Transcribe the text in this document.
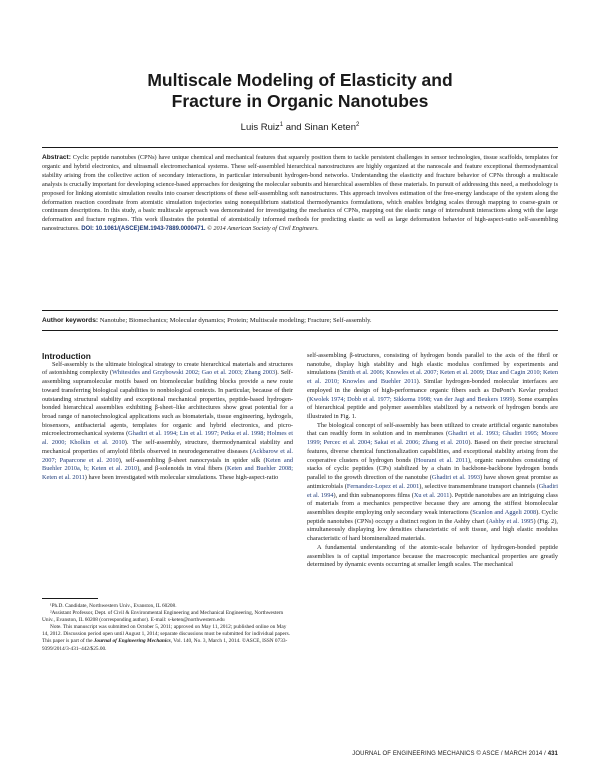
Multiscale Modeling of Elasticity and
Fracture in Organic Nanotubes
Luis Ruiz$^1$ and Sinan Keten$^2$

Abstract: Cyclic peptide nanotubes (CPNs) have unique chemical and mechanical features that squarely position them to tackle persistent challenges in sensor technologies, tissue scaffolds, templates for organic and hybrid electronics, and ultrasmall electromechanical systems. These self-assembled hierarchical nanostructures are highly organized at the nanoscale and feature exceptional thermodynamical stability arising from the collective action of secondary interactions, in particular intersubunit hydrogen-bond networks. Understanding the elasticity and fracture behavior of CPNs through a multiscale analysis is crucially important for developing science-based approaches for designing the molecular subunits and hierarchical assemblies of these materials. In pursuit of addressing this need, a methodology is proposed for linking atomistic simulation results into coarser descriptions of these self-assembling soft nanostructures. This approach involves estimation of the free-energy landscape of the system along the deformation reaction coordinate from atomistic simulation trajectories using nonequilibrium statistical thermodynamics formulations, which enables bridging scales through mapping to coarse-grain or continuum descriptions. In this study, a basic multiscale approach was demonstrated for investigating the mechanics of CPNs, mapping out the elastic range of intersubunit interactions along with the large deformation and fracture regimes. This work illustrates the potential of atomistically informed methods for predicting elastic as well as large deformation behavior of high-aspect-ratio self-assembling nanostructures. DOI: 10.1061/(ASCE)EM.1943-7889.0000471. © 2014 American Society of Civil Engineers.

Author keywords: Nanotube; Biomechanics; Molecular dynamics; Protein; Multiscale modeling; Fracture; Self-assembly.

Introduction

Self-assembly is the ultimate biological strategy to create hierarchical materials and structures of astonishing complexity (Whitesides and Grzybowski 2002; Gao et al. 2003; Zhang 2003). Self-assembling supramolecular motifs based on biomolecular building blocks provide a new route toward transferring biological capabilities to nonbiological contexts. In particular, because of their outstanding structural stability and exceptional mechanical properties, peptide-based hydrogen-bonded hierarchical assemblies exhibiting β-sheet–like architectures show great potential for a broad range of nanotechnological applications such as biomaterials, tissue engineering, hydrogels, biosensors, antibacterial agents, templates for organic and hybrid electronics, and picro-microelectromechanical systems (Ghadiri et al. 1994; Lin et al. 1997; Petka et al. 1998; Holmes et al. 2000; Kholkin et al. 2010). The self-assembly, structure, thermodynamical stability and mechanical properties of amyloid fibrils observed in neurodegenerative diseases (Ackbarow et al. 2007; Paparcone et al. 2010), self-assembling β-sheet nanocrystals in spider silk (Keten and Buehler 2010a, b; Keten et al. 2010), and β-solenoids in viral fibers (Keten and Buehler 2008; Keten et al. 2011) have been investigated with molecular simulations. These high-aspect-ratio

¹Ph.D. Candidate, Northwestern Univ., Evanston, IL 60208.

²Assistant Professor, Dept. of Civil & Environmental Engineering and Mechanical Engineering, Northwestern Univ., Evanston, IL 60208 (corresponding author). E-mail: s-keten@northwestern.edu

Note. This manuscript was submitted on October 5, 2011; approved on May 11, 2012; published online on May 14, 2012. Discussion period open until August 1, 2014; separate discussions must be submitted for individual papers. This paper is part of the Journal of Engineering Mechanics, Vol. 140, No. 3, March 1, 2014. ©ASCE, ISSN 0733-9399/2014/3-431–442/$25.00.

self-assembling β-structures, consisting of hydrogen bonds parallel to the axis of the fibril or nanotube, display high stability and high elastic modulus confirmed by experiments and simulations (Smith et al. 2006; Knowles et al. 2007; Keten et al. 2009; Diaz and Cagin 2010; Keten et al. 2010; Knowles and Buehler 2011). Similar hydrogen-bonded molecular interfaces are employed in the design of high-performance organic fibers such as DuPont’s Kevlar product (Kwolek 1974; Dobb et al. 1977; Sikkema 1998; van der Jagt and Beukers 1999). Some examples of hierarchical peptide and polymer assemblies stabilized by a network of hydrogen bonds are illustrated in Fig. 1.

The biological concept of self-assembly has been utilized to create artificial organic nanotubes that can readily form in solution and in membranes (Ghadiri et al. 1993; Ghadiri 1995; Moore 1999; Percec et al. 2004; Sakai et al. 2006; Zhang et al. 2010). Based on their precise structural features, diverse chemical functionalization capabilities, and exceptional stability arising from the cooperative clusters of hydrogen bonds (Hourani et al. 2011), organic nanotubes consisting of stacks of cyclic peptides (CPs) stabilized by a chain in backbone-backbone hydrogen bonds parallel to the growth direction of the nanotube (Ghadiri et al. 1993) have shown great promise as antimicrobials (Fernandez-Lopez et al. 2001), selective transmembrane transport channels (Ghadiri et al. 1994), and thin subnanopores films (Xu et al. 2011). Peptide nanotubes are an intriguing class of materials from a mechanics perspective because they are among the stiffest biomolecular assemblies despite employing only secondary weak interactions (Scanlon and Aggeli 2008). Cyclic peptide nanotubes (CPNs) occupy a distinct region in the Ashby chart (Ashby et al. 1995) (Fig. 2), simultaneously displaying low densities characteristic of soft tissue, and high elastic modulus characteristic of hard biomineralized materials.

A fundamental understanding of the atomic-scale behavior of hydrogen-bonded peptide assemblies is of capital importance because the macroscopic mechanical properties are greatly determined by dynamic events occurring at smaller length scales. The mechanical

JOURNAL OF ENGINEERING MECHANICS © ASCE / MARCH 2014 / 431
